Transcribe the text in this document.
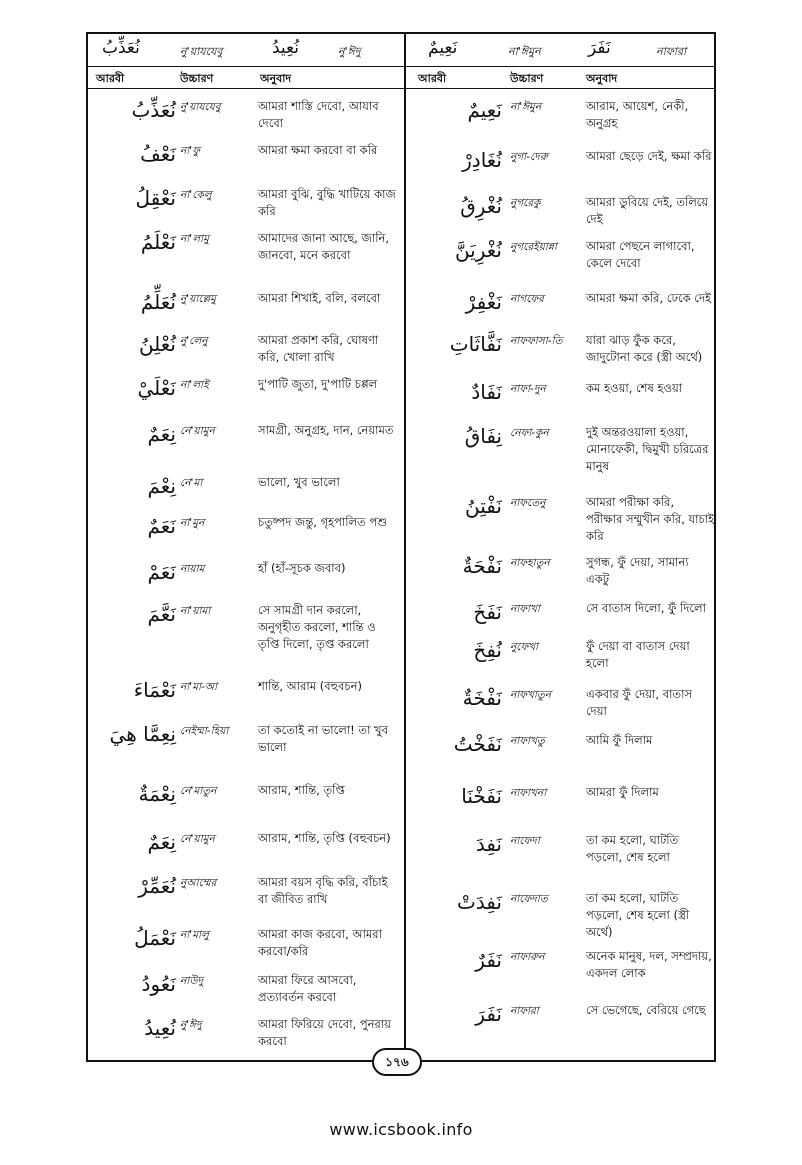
نُعَذِّبُ	নু'য়াযযেবু	نُعِيدُ	নু'ঈদু	نَعِيمٌ	না'ঈমুন	نَفَرَ	নাফারা
আরবী	উচ্চারণ	অনুবাদ	আরবী	উচ্চারণ	অনুবাদ
نُعَذِّبُ নু'য়াযযেবু	আমরা শাস্তি দেবো, আযাব দেবো
نَعْفُ না'ফু	আমরা ক্ষমা করবো বা করি
نَعْقِلُ না'কেলু	আমরা বুঝি, বুদ্ধি খাটিয়ে কাজ করি
نَعْلَمُ না'লামু	আমাদের জানা আছে, জানি, জানবো, মনে করবো
نُعَلِّمُ নু'য়াল্লেমু	আমরা শিখাই, বলি, বলবো
نُعْلِنُ নু'লেনু	আমরা প্রকাশ করি, ঘোষণা করি, খোলা রাখি
نَعْلَيْ না'লাই	দু'পাটি জুতা, দু'পাটি চপ্পল
نِعَمٌ নে'য়ামুন	সামগ্রী, অনুগ্রহ, দান, নেয়ামত
نِعْمَ নে'মা	ভালো, খুব ভালো
نَعَمٌ না'মুন	চতুষ্পদ জন্তু, গৃহপালিত পশু
نَعَمْ নায়াম	হাঁ (হাঁ-সূচক জবাব)
نَعَّمَ না'য়ামা	সে সামগ্রী দান করলো, অনুগৃহীত করলো, শান্তি ও তৃপ্তি দিলো, তৃপ্ত করলো
نَعْمَاءَ না'মা-আ	শান্তি, আরাম (বহুবচন)
نِعِمَّا هِيَ নেইম্মা-হিয়া	তা কতোই না ভালো! তা খুব ভালো
نِعْمَةٌ নে'মাতুন	আরাম, শান্তি, তৃপ্তি
نِعَمٌ নে'য়ামুন	আরাম, শান্তি, তৃপ্তি (বহুবচন)
نُعَمِّرْ নুআম্মের	আমরা বয়স বৃদ্ধি করি, বাঁচাই বা জীবিত রাখি
نَعْمَلُ না'মালু	আমরা কাজ করবো, আমরা করবো/করি
نَعُودُ নাউদু	আমরা ফিরে আসবো, প্রত্যাবর্তন করবো
نُعِيدُ নু'ঈদু	আমরা ফিরিয়ে দেবো, পুনরায় করবো
نَعِيمٌ না'ঈমুন	আরাম, আয়েশ, নেকী, অনুগ্রহ
نُغَادِرْ নুগা-দেরু	আমরা ছেড়ে দেই, ক্ষমা করি
نُغْرِقُ নুগরেকু	আমরা ডুবিয়ে দেই, তলিয়ে দেই
نُغْرِيَنَّ নুগরেইয়ান্না	আমরা পেছনে লাগাবো, কেলে দেবো
نَغْفِرْ নাগফের	আমরা ক্ষমা করি, ঢেকে দেই
نَفَّاثَاتِ নাফফাসা-তি	যারা ঝাড় ফুঁক করে, জাদুটোনা করে (স্ত্রী অর্থে)
نَفَادٌ নাফা-দুন	কম হওয়া, শেষ হওয়া
نِفَاقُ নেফা-কুন	দুই অন্তরওয়ালা হওয়া, মোনাফেকী, দ্বিমুখী চরিত্রের মানুষ
نَفْتِنُ নাফতেনু	আমরা পরীক্ষা করি, পরীক্ষার সম্মুখীন করি, যাচাই করি
نَفْحَةٌ নাফহাতুন	সুগন্ধ, ফুঁ দেয়া, সামান্য একটু
نَفَخَ নাফাখা	সে বাতাস দিলো, ফুঁ দিলো
نُفِخَ নুফেখা	ফুঁ দেয়া বা বাতাস দেয়া হলো
نَفْخَةٌ নাফখাতুন	একবার ফুঁ দেয়া, বাতাস দেয়া
نَفَخْتُ নাফাখতু	আমি ফুঁ দিলাম
نَفَخْنَا নাফাখনা	আমরা ফুঁ দিলাম
نَفِدَ নাফেদা	তা কম হলো, ঘাটতি পড়লো, শেষ হলো
نَفِدَتْ নাফেদাত	তা কম হলো, ঘাটতি পড়লো, শেষ হলো (স্ত্রী অর্থে)
نَفَرٌ নাফারুন	অনেক মানুষ, দল, সম্প্রদায়, একদল লোক
نَفَرَ নাফারা	সে ভেগেছে, বেরিয়ে গেছে
১৭৬
www.icsbook.info
